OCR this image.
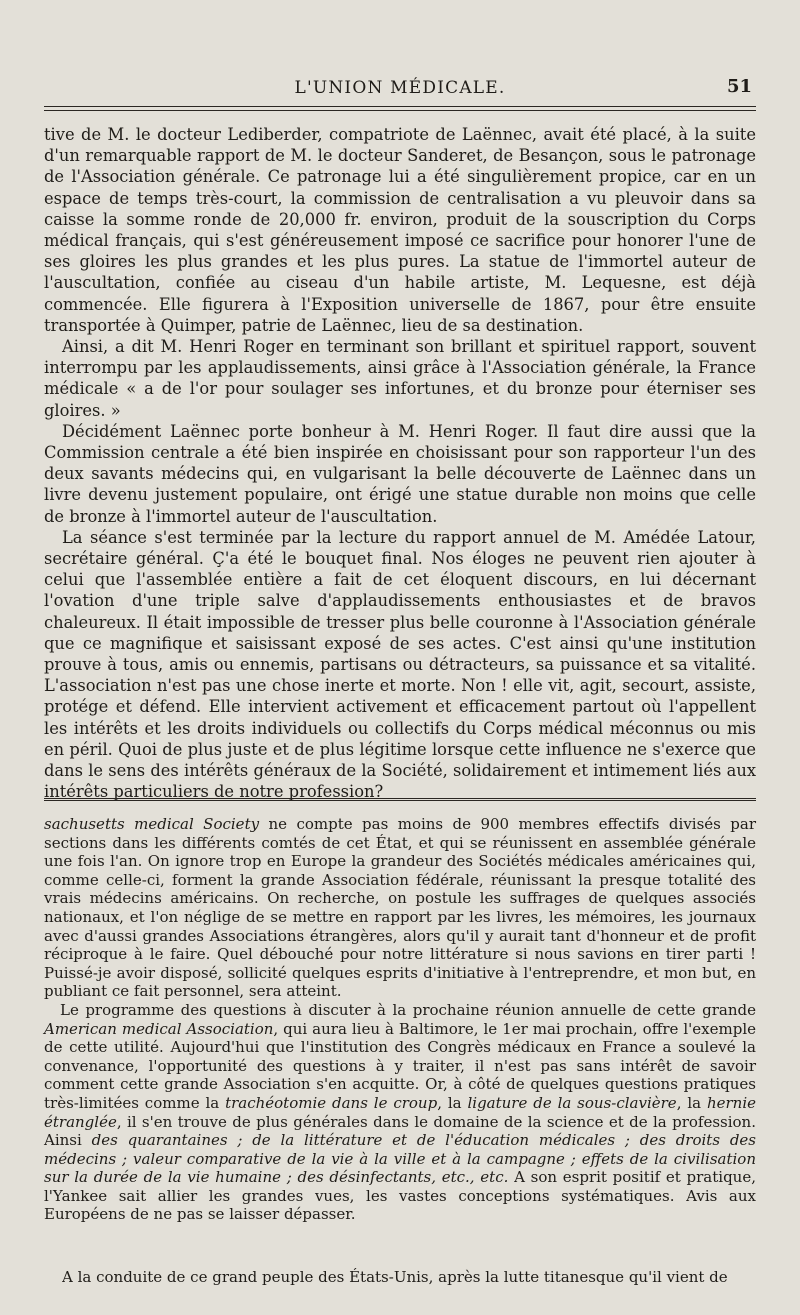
L'UNION MÉDICALE.	51

tive de M. le docteur Lediberder, compatriote de Laënnec, avait été placé, à la suite d'un remarquable rapport de M. le docteur Sanderet, de Besançon, sous le patronage de l'Association générale. Ce patronage lui a été singulièrement propice, car en un espace de temps très-court, la commission de centralisation a vu pleuvoir dans sa caisse la somme ronde de 20,000 fr. environ, produit de la souscription du Corps médical français, qui s'est généreusement imposé ce sacrifice pour honorer l'une de ses gloires les plus grandes et les plus pures. La statue de l'immortel auteur de l'auscultation, confiée au ciseau d'un habile artiste, M. Lequesne, est déjà commencée. Elle figurera à l'Exposition universelle de 1867, pour être ensuite transportée à Quimper, patrie de Laënnec, lieu de sa destination.

Ainsi, a dit M. Henri Roger en terminant son brillant et spirituel rapport, souvent interrompu par les applaudissements, ainsi grâce à l'Association générale, la France médicale « a de l'or pour soulager ses infortunes, et du bronze pour éterniser ses gloires. »

Décidément Laënnec porte bonheur à M. Henri Roger. Il faut dire aussi que la Commission centrale a été bien inspirée en choisissant pour son rapporteur l'un des deux savants médecins qui, en vulgarisant la belle découverte de Laënnec dans un livre devenu justement populaire, ont érigé une statue durable non moins que celle de bronze à l'immortel auteur de l'auscultation.

La séance s'est terminée par la lecture du rapport annuel de M. Amédée Latour, secrétaire général. Ç'a été le bouquet final. Nos éloges ne peuvent rien ajouter à celui que l'assemblée entière a fait de cet éloquent discours, en lui décernant l'ovation d'une triple salve d'applaudissements enthousiastes et de bravos chaleureux. Il était impossible de tresser plus belle couronne à l'Association générale que ce magnifique et saisissant exposé de ses actes. C'est ainsi qu'une institution prouve à tous, amis ou ennemis, partisans ou détracteurs, sa puissance et sa vitalité. L'association n'est pas une chose inerte et morte. Non ! elle vit, agit, secourt, assiste, protége et défend. Elle intervient activement et efficacement partout où l'appellent les intérêts et les droits individuels ou collectifs du Corps médical méconnus ou mis en péril. Quoi de plus juste et de plus légitime lorsque cette influence ne s'exerce que dans le sens des intérêts généraux de la Société, solidairement et intimement liés aux intérêts particuliers de notre profession?

sachusetts medical Society ne compte pas moins de 900 membres effectifs divisés par sections dans les différents comtés de cet État, et qui se réunissent en assemblée générale une fois l'an. On ignore trop en Europe la grandeur des Sociétés médicales américaines qui, comme celle-ci, forment la grande Association fédérale, réunissant la presque totalité des vrais médecins américains. On recherche, on postule les suffrages de quelques associés nationaux, et l'on néglige de se mettre en rapport par les livres, les mémoires, les journaux avec d'aussi grandes Associations étrangères, alors qu'il y aurait tant d'honneur et de profit réciproque à le faire. Quel débouché pour notre littérature si nous savions en tirer parti ! Puissé-je avoir disposé, sollicité quelques esprits d'initiative à l'entreprendre, et mon but, en publiant ce fait personnel, sera atteint.

Le programme des questions à discuter à la prochaine réunion annuelle de cette grande American medical Association, qui aura lieu à Baltimore, le 1er mai prochain, offre l'exemple de cette utilité. Aujourd'hui que l'institution des Congrès médicaux en France a soulevé la convenance, l'opportunité des questions à y traiter, il n'est pas sans intérêt de savoir comment cette grande Association s'en acquitte. Or, à côté de quelques questions pratiques très-limitées comme la trachéotomie dans le croup, la ligature de la sous-clavière, la hernie étranglée, il s'en trouve de plus générales dans le domaine de la science et de la profession. Ainsi des quarantaines ; de la littérature et de l'éducation médicales ; des droits des médecins ; valeur comparative de la vie à la ville et à la campagne ; effets de la civilisation sur la durée de la vie humaine ; des désinfectants, etc., etc. A son esprit positif et pratique, l'Yankee sait allier les grandes vues, les vastes conceptions systématiques. Avis aux Européens de ne pas se laisser dépasser.

A la conduite de ce grand peuple des États-Unis, après la lutte titanesque qu'il vient de
